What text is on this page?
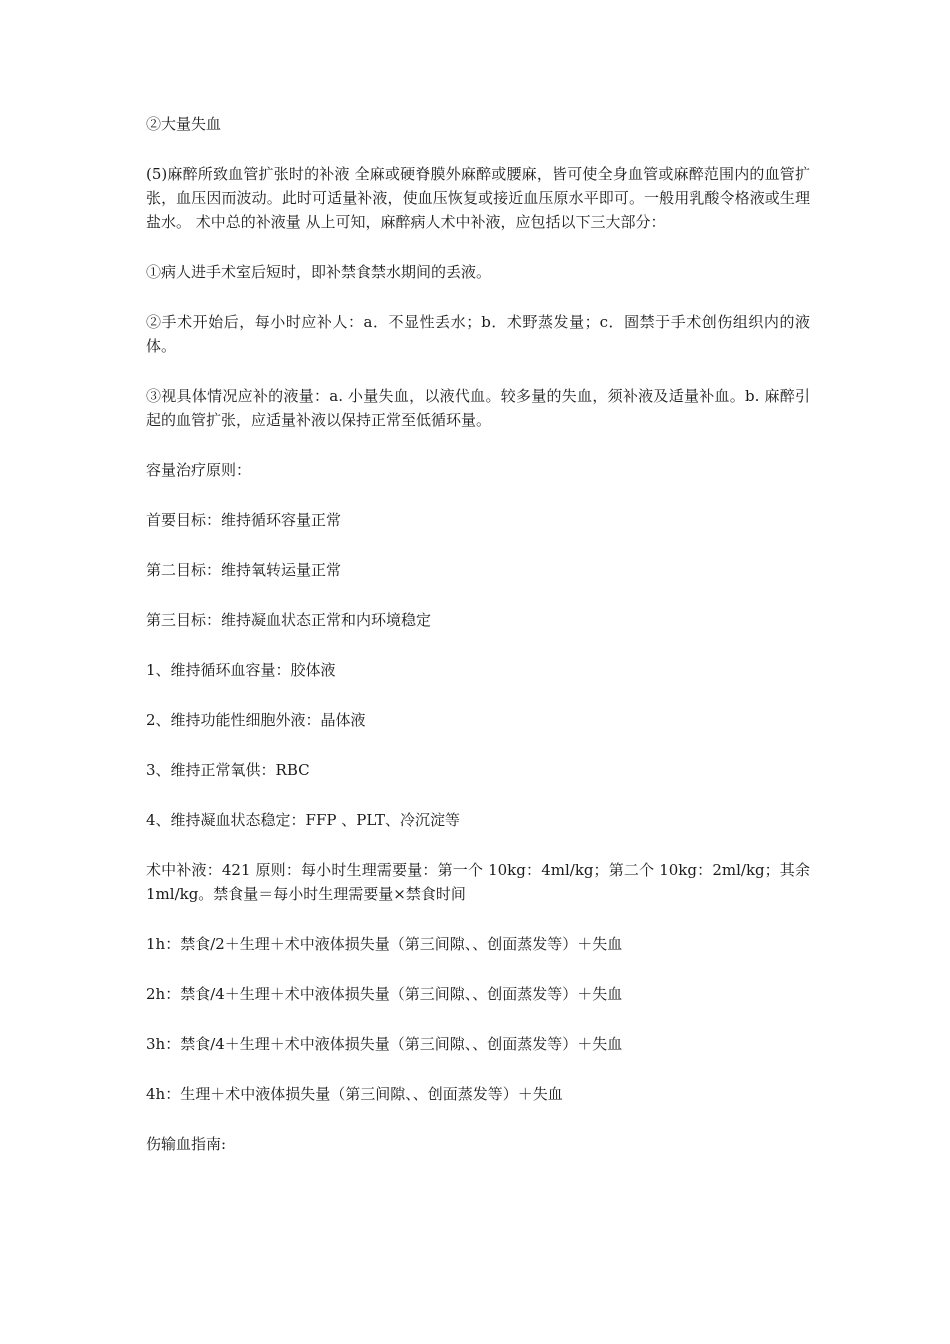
②大量失血

(5)麻醉所致血管扩张时的补液 全麻或硬脊膜外麻醉或腰麻，皆可使全身血管或麻醉范围内的血管扩张，血压因而波动。此时可适量补液，使血压恢复或接近血压原水平即可。一般用乳酸令格液或生理盐水。 术中总的补液量 从上可知，麻醉病人术中补液，应包括以下三大部分：

①病人进手术室后短时，即补禁食禁水期间的丢液。

②手术开始后，每小时应补人：a．不显性丢水；b．术野蒸发量；c．圄禁于手术创伤组织内的液体。

③视具体情况应补的液量：a. 小量失血，以液代血。较多量的失血，须补液及适量补血。b. 麻醉引起的血管扩张，应适量补液以保持正常至低循环量。

容量治疗原则：

首要目标：维持循环容量正常

第二目标：维持氧转运量正常

第三目标：维持凝血状态正常和内环境稳定

1、维持循环血容量：胶体液

2、维持功能性细胞外液：晶体液

3、维持正常氧供：RBC

4、维持凝血状态稳定：FFP 、PLT、冷沉淀等

术中补液：421 原则：每小时生理需要量：第一个 10kg：4ml/kg；第二个 10kg：2ml/kg；其余 1ml/kg。禁食量＝每小时生理需要量×禁食时间

1h：禁食/2＋生理＋术中液体损失量（第三间隙、、创面蒸发等）＋失血

2h：禁食/4＋生理＋术中液体损失量（第三间隙、、创面蒸发等）＋失血

3h：禁食/4＋生理＋术中液体损失量（第三间隙、、创面蒸发等）＋失血

4h：生理＋术中液体损失量（第三间隙、、创面蒸发等）＋失血

伤输血指南:
